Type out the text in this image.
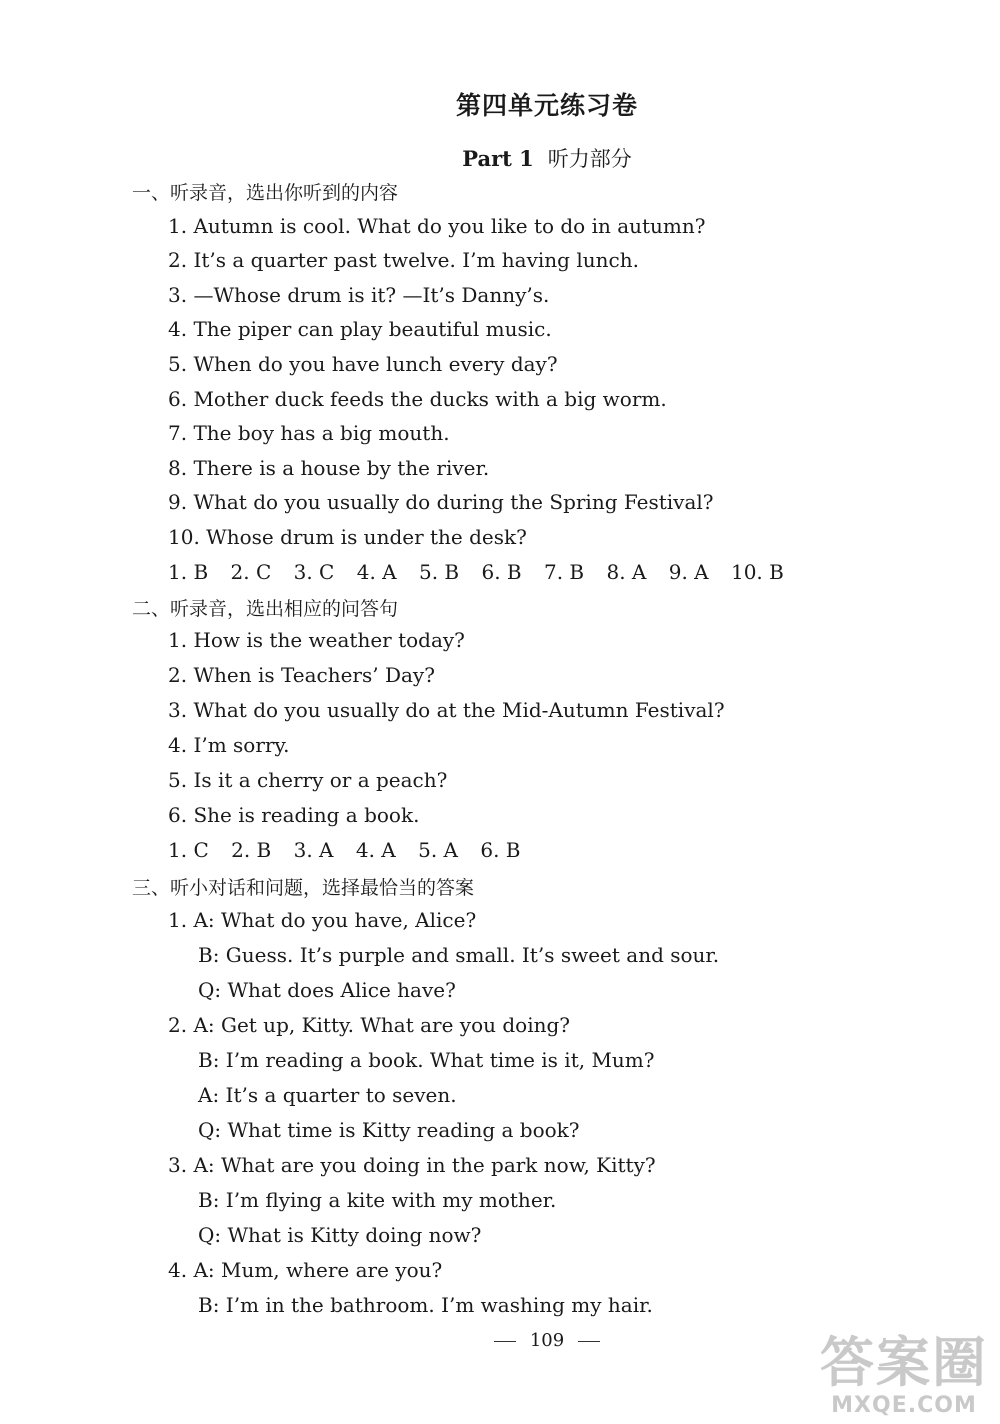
第四单元练习卷
Part 1 听力部分
一、听录音，选出你听到的内容
1. Autumn is cool. What do you like to do in autumn?
2. It’s a quarter past twelve. I’m having lunch.
3. —Whose drum is it? —It’s Danny’s.
4. The piper can play beautiful music.
5. When do you have lunch every day?
6. Mother duck feeds the ducks with a big worm.
7. The boy has a big mouth.
8. There is a house by the river.
9. What do you usually do during the Spring Festival?
10. Whose drum is under the desk?
1. B 2. C 3. C 4. A 5. B 6. B 7. B 8. A 9. A 10. B
二、听录音，选出相应的问答句
1. How is the weather today?
2. When is Teachers’ Day?
3. What do you usually do at the Mid-Autumn Festival?
4. I’m sorry.
5. Is it a cherry or a peach?
6. She is reading a book.
1. C 2. B 3. A 4. A 5. A 6. B
三、听小对话和问题，选择最恰当的答案
1. A: What do you have, Alice?
B: Guess. It’s purple and small. It’s sweet and sour.
Q: What does Alice have?
2. A: Get up, Kitty. What are you doing?
B: I’m reading a book. What time is it, Mum?
A: It’s a quarter to seven.
Q: What time is Kitty reading a book?
3. A: What are you doing in the park now, Kitty?
B: I’m flying a kite with my mother.
Q: What is Kitty doing now?
4. A: Mum, where are you?
B: I’m in the bathroom. I’m washing my hair.
109	答案圈
MXQE.COM
